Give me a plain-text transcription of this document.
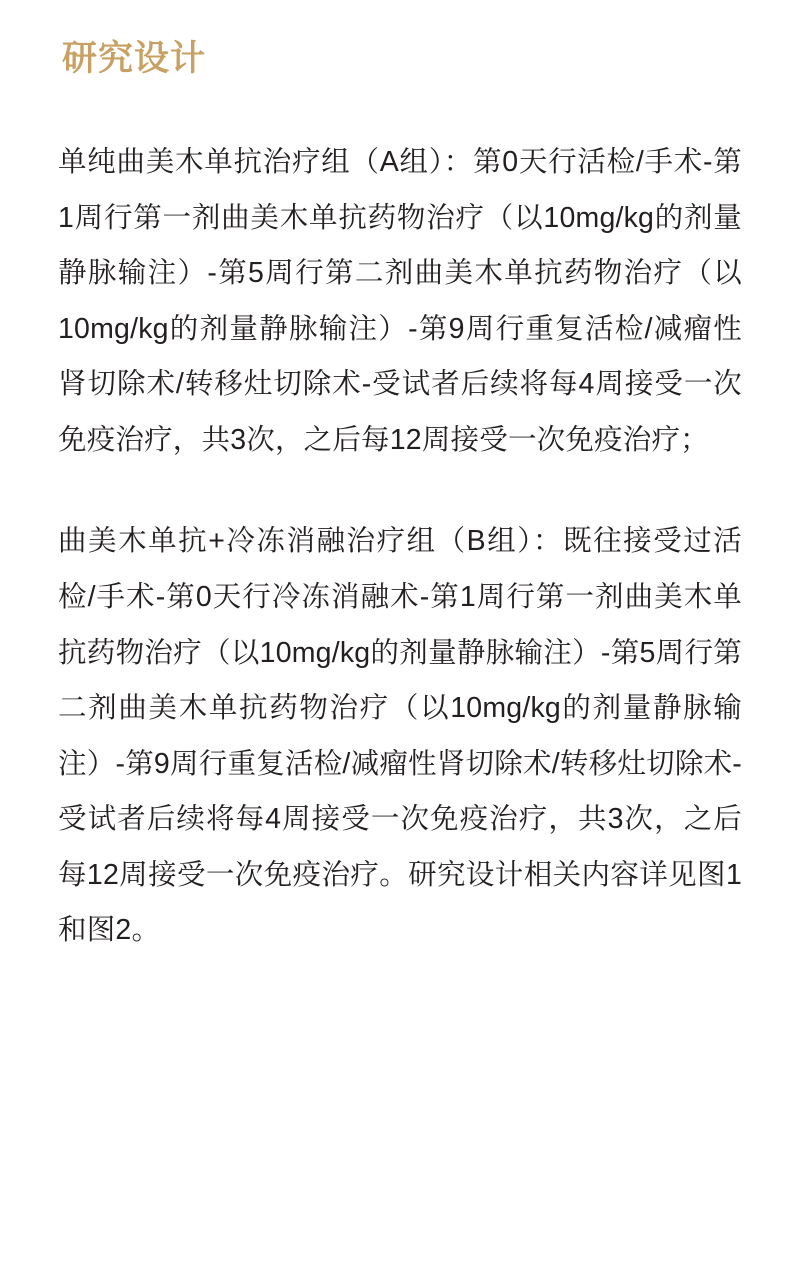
研究设计

单纯曲美木单抗治疗组（A组）：第0天行活检/手术-第1周行第一剂曲美木单抗药物治疗（以10mg/kg的剂量静脉输注）-第5周行第二剂曲美木单抗药物治疗（以10mg/kg的剂量静脉输注）-第9周行重复活检/减瘤性肾切除术/转移灶切除术-受试者后续将每4周接受一次免疫治疗，共3次，之后每12周接受一次免疫治疗；

曲美木单抗+冷冻消融治疗组（B组）：既往接受过活检/手术-第0天行冷冻消融术-第1周行第一剂曲美木单抗药物治疗（以10mg/kg的剂量静脉输注）-第5周行第二剂曲美木单抗药物治疗（以10mg/kg的剂量静脉输注）-第9周行重复活检/减瘤性肾切除术/转移灶切除术-受试者后续将每4周接受一次免疫治疗，共3次，之后每12周接受一次免疫治疗。研究设计相关内容详见图1和图2。
